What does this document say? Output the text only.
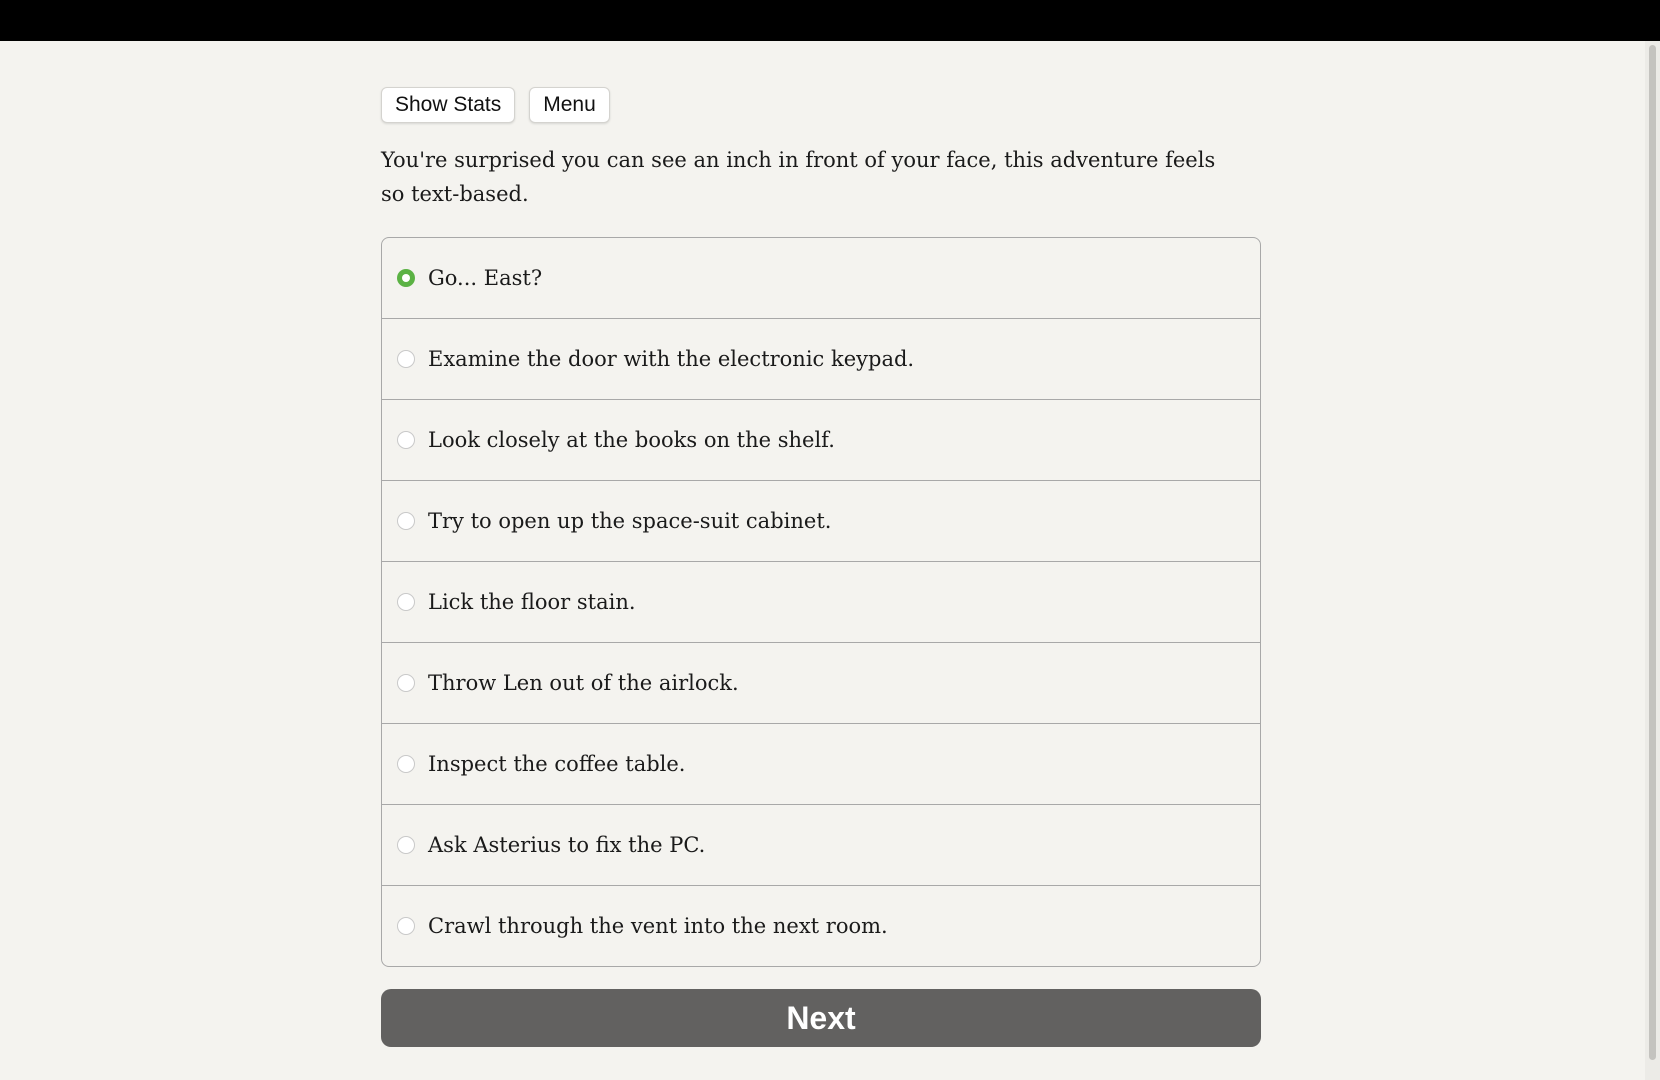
Show Stats	Menu
You're surprised you can see an inch in front of your face, this adventure feels so text-based.
Go... East?
Examine the door with the electronic keypad.
Look closely at the books on the shelf.
Try to open up the space-suit cabinet.
Lick the floor stain.
Throw Len out of the airlock.
Inspect the coffee table.
Ask Asterius to fix the PC.
Crawl through the vent into the next room.
Next
